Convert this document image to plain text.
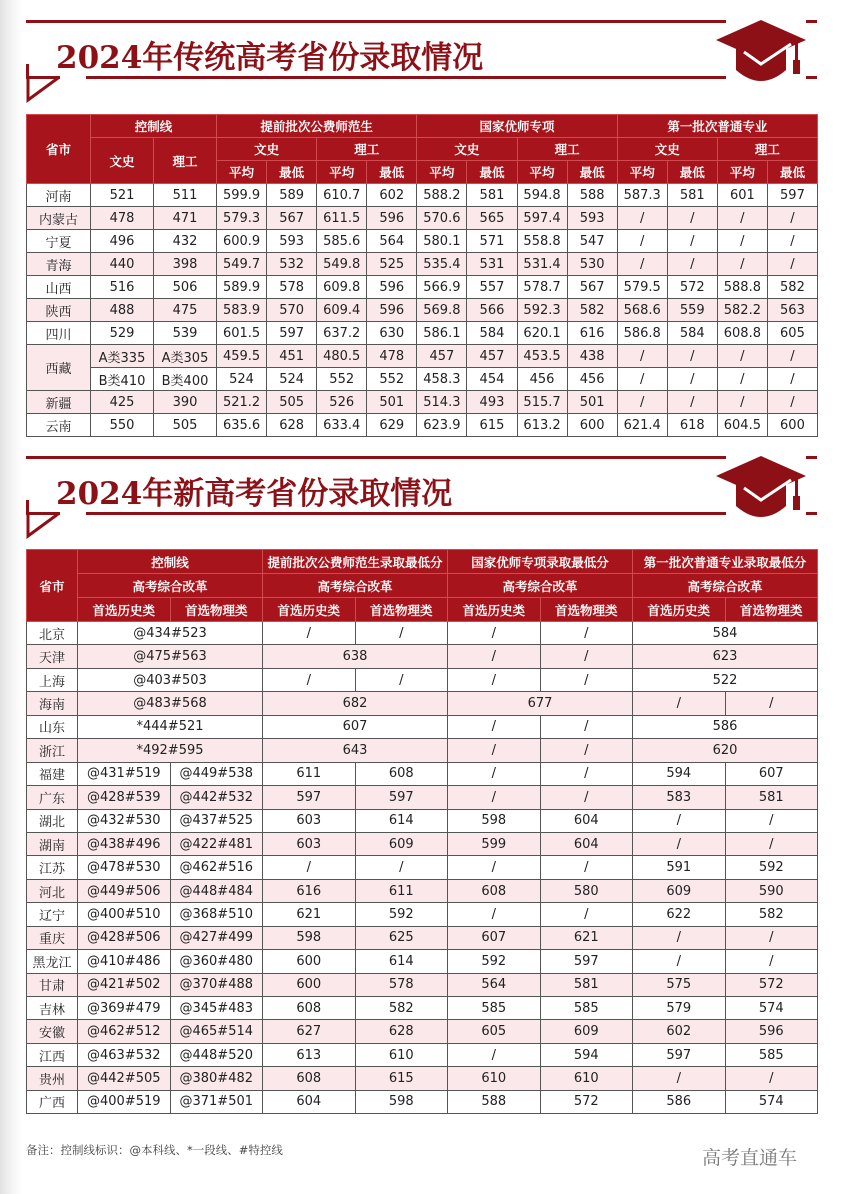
2024年传统高考省份录取情况
省市	控制线		提前批次公费师范生				国家优师专项				第一批次普通专业			
	文史	理工	文史		理工		文史		理工		文史		理工	
			平均	最低	平均	最低	平均	最低	平均	最低	平均	最低	平均	最低
河南	521	511	599.9	589	610.7	602	588.2	581	594.8	588	587.3	581	601	597
内蒙古	478	471	579.3	567	611.5	596	570.6	565	597.4	593	/	/	/	/
宁夏	496	432	600.9	593	585.6	564	580.1	571	558.8	547	/	/	/	/
青海	440	398	549.7	532	549.8	525	535.4	531	531.4	530	/	/	/	/
山西	516	506	589.9	578	609.8	596	566.9	557	578.7	567	579.5	572	588.8	582
陕西	488	475	583.9	570	609.4	596	569.8	566	592.3	582	568.6	559	582.2	563
四川	529	539	601.5	597	637.2	630	586.1	584	620.1	616	586.8	584	608.8	605
西藏	A类335	A类305	459.5	451	480.5	478	457	457	453.5	438	/	/	/	/
	B类410	B类400	524	524	552	552	458.3	454	456	456	/	/	/	/
新疆	425	390	521.2	505	526	501	514.3	493	515.7	501	/	/	/	/
云南	550	505	635.6	628	633.4	629	623.9	615	613.2	600	621.4	618	604.5	600
2024年新高考省份录取情况
省市	控制线		提前批次公费师范生录取最低分		国家优师专项录取最低分		第一批次普通专业录取最低分	
	高考综合改革		高考综合改革		高考综合改革		高考综合改革	
	首选历史类	首选物理类	首选历史类	首选物理类	首选历史类	首选物理类	首选历史类	首选物理类
北京	@434#523		/	/	/	/	584	
天津	@475#563		638		/	/	623	
上海	@403#503		/	/	/	/	522	
海南	@483#568		682		677		/	/
山东	*444#521		607		/	/	586	
浙江	*492#595		643		/	/	620	
福建	@431#519	@449#538	611	608	/	/	594	607
广东	@428#539	@442#532	597	597	/	/	583	581
湖北	@432#530	@437#525	603	614	598	604	/	/
湖南	@438#496	@422#481	603	609	599	604	/	/
江苏	@478#530	@462#516	/	/	/	/	591	592
河北	@449#506	@448#484	616	611	608	580	609	590
辽宁	@400#510	@368#510	621	592	/	/	622	582
重庆	@428#506	@427#499	598	625	607	621	/	/
黑龙江	@410#486	@360#480	600	614	592	597	/	/
甘肃	@421#502	@370#488	600	578	564	581	575	572
吉林	@369#479	@345#483	608	582	585	585	579	574
安徽	@462#512	@465#514	627	628	605	609	602	596
江西	@463#532	@448#520	613	610	/	594	597	585
贵州	@442#505	@380#482	608	615	610	610	/	/
广西	@400#519	@371#501	604	598	588	572	586	574
备注：控制线标识：@本科线、*一段线、#特控线	高考直通车
